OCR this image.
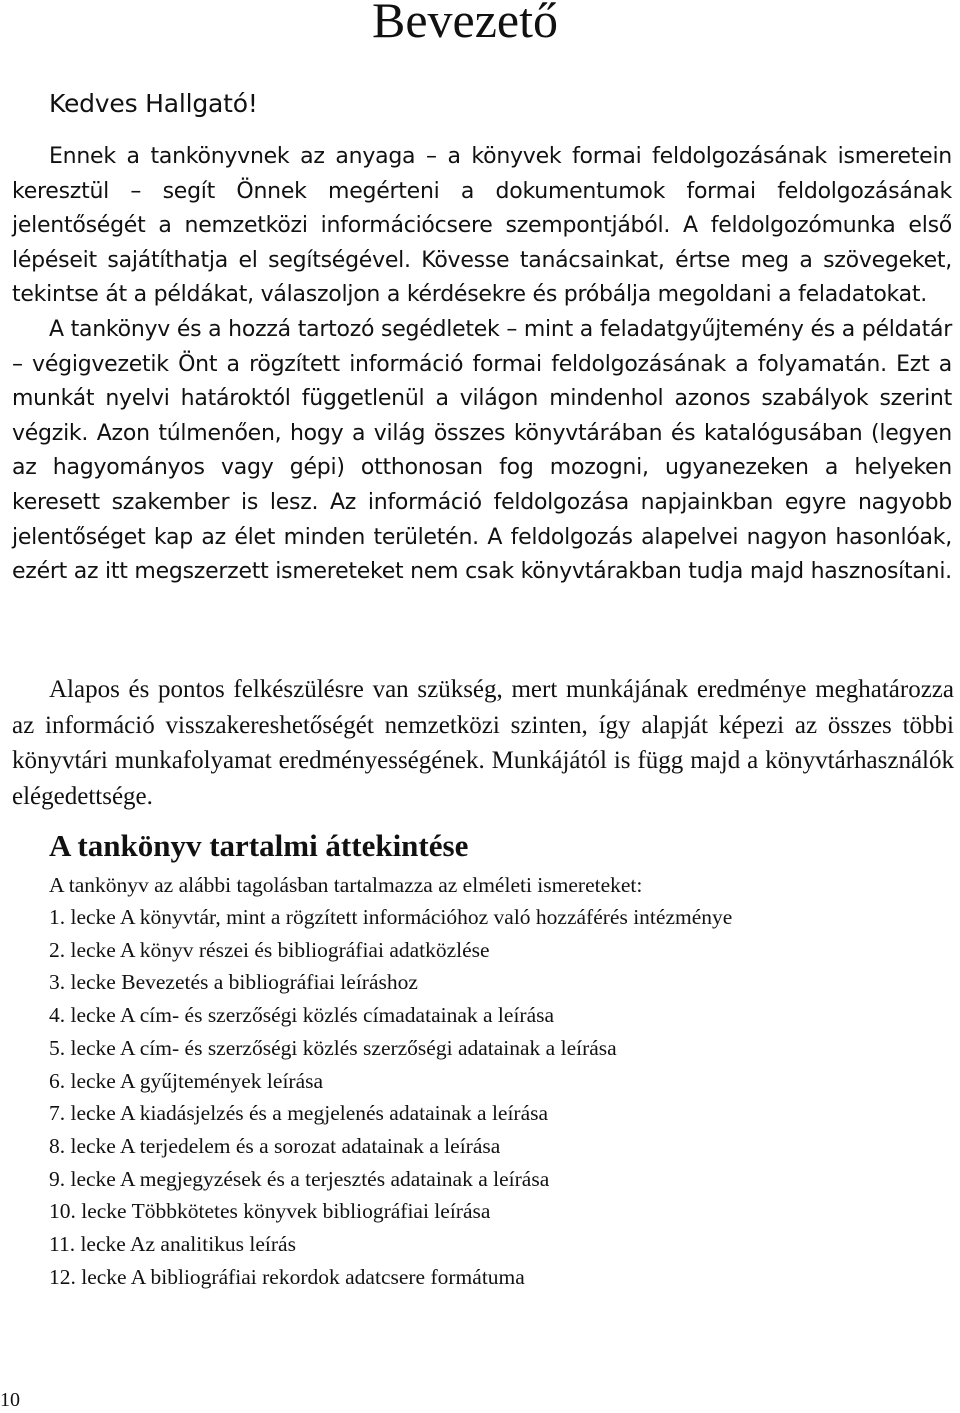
Bevezető

Kedves Hallgató!

Ennek a tankönyvnek az anyaga – a könyvek formai feldolgozásának ismeretein keresztül – segít Önnek megérteni a dokumentumok formai feldolgozásának jelentőségét a nemzetközi információcsere szempontjából. A feldolgozómunka első lépéseit sajátíthatja el segítségével. Kövesse tanácsainkat, értse meg a szövegeket, tekintse át a példákat, válaszoljon a kérdésekre és próbálja megoldani a feladatokat.

A tankönyv és a hozzá tartozó segédletek – mint a feladatgyűjtemény és a példatár – végigvezetik Önt a rögzített információ formai feldolgozásának a folyamatán. Ezt a munkát nyelvi határoktól függetlenül a világon mindenhol azonos szabályok szerint végzik. Azon túlmenően, hogy a világ összes könyvtárában és katalógusában (legyen az hagyományos vagy gépi) otthonosan fog mozogni, ugyanezeken a helyeken keresett szakember is lesz. Az információ feldolgozása napjainkban egyre nagyobb jelentőséget kap az élet minden területén. A feldolgozás alapelvei nagyon hasonlóak, ezért az itt megszerzett ismereteket nem csak könyvtárakban tudja majd hasznosítani.

Alapos és pontos felkészülésre van szükség, mert munkájának eredménye meghatározza az információ visszakereshetőségét nemzetközi szinten, így alapját képezi az összes többi könyvtári munkafolyamat eredményességének. Munkájától is függ majd a könyvtárhasználók elégedettsége.

A tankönyv tartalmi áttekintése

A tankönyv az alábbi tagolásban tartalmazza az elméleti ismereteket:

1. lecke A könyvtár, mint a rögzített információhoz való hozzáférés intézménye
2. lecke A könyv részei és bibliográfiai adatközlése
3. lecke Bevezetés a bibliográfiai leíráshoz
4. lecke A cím- és szerzőségi közlés címadatainak a leírása
5. lecke A cím- és szerzőségi közlés szerzőségi adatainak a leírása
6. lecke A gyűjtemények leírása
7. lecke A kiadásjelzés és a megjelenés adatainak a leírása
8. lecke A terjedelem és a sorozat adatainak a leírása
9. lecke A megjegyzések és a terjesztés adatainak a leírása
10. lecke Többkötetes könyvek bibliográfiai leírása
11. lecke Az analitikus leírás
12. lecke A bibliográfiai rekordok adatcsere formátuma
10
